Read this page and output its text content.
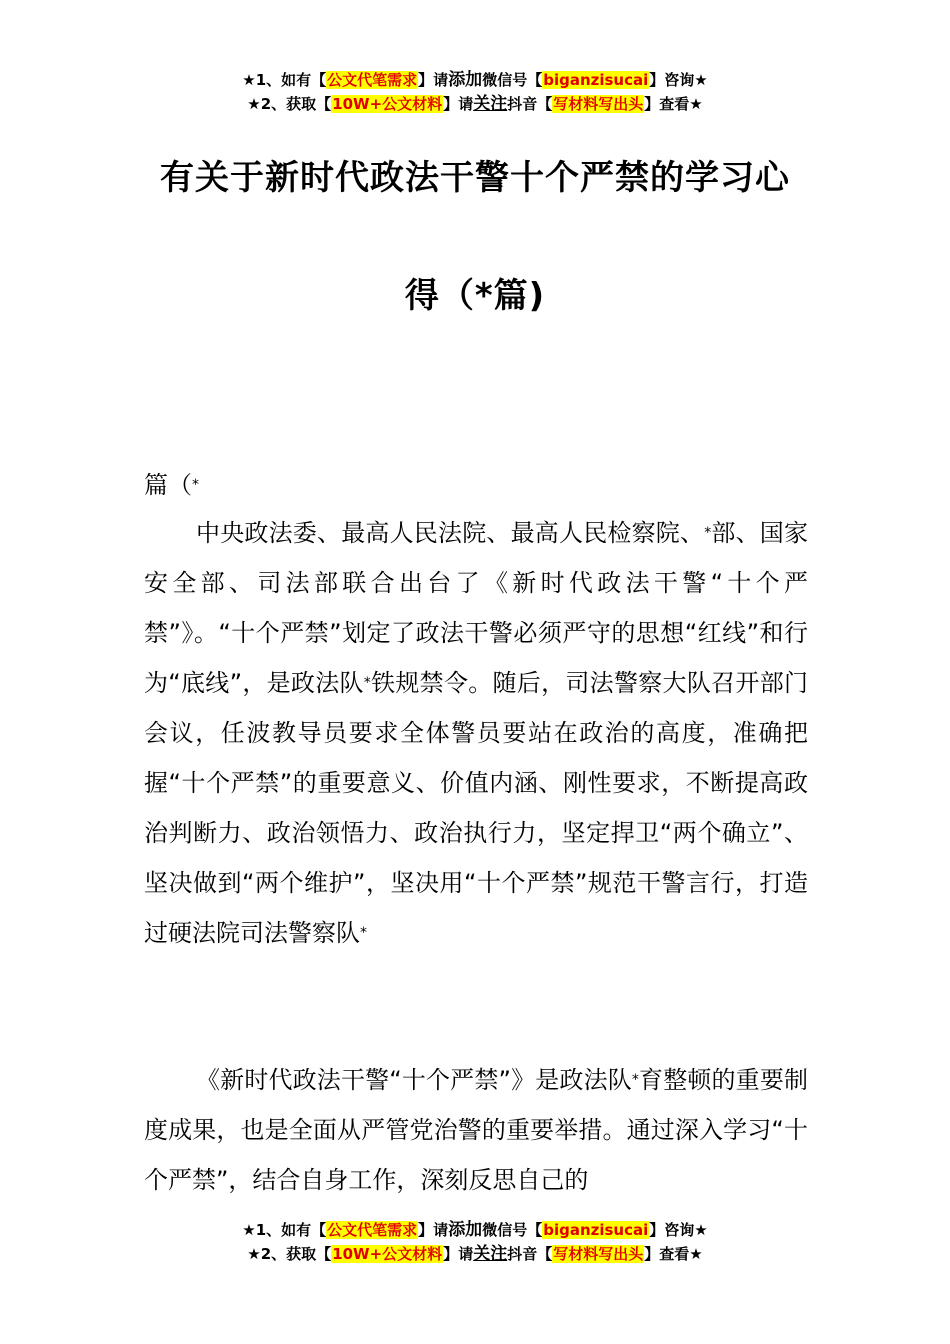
★1、如有【公文代笔需求】请添加微信号【biganzisucai】咨询★
★2、获取【10W+公文材料】请关注抖音【写材料写出头】查看★
有关于新时代政法干警十个严禁的学习心
得（*篇)

篇（*

中央政法委、最高人民法院、最高人民检察院、*部、国家安全部、司法部联合出台了《新时代政法干警“十个严禁”》。“十个严禁”划定了政法干警必须严守的思想“红线”和行为“底线”，是政法队*铁规禁令。随后，司法警察大队召开部门会议，任波教导员要求全体警员要站在政治的高度，准确把握“十个严禁”的重要意义、价值内涵、刚性要求，不断提高政治判断力、政治领悟力、政治执行力，坚定捍卫“两个确立”、坚决做到“两个维护”，坚决用“十个严禁”规范干警言行，打造过硬法院司法警察队*

《新时代政法干警“十个严禁”》是政法队*育整顿的重要制度成果，也是全面从严管党治警的重要举措。通过深入学习“十个严禁”，结合自身工作，深刻反思自己的

★1、如有【公文代笔需求】请添加微信号【biganzisucai】咨询★
★2、获取【10W+公文材料】请关注抖音【写材料写出头】查看★
